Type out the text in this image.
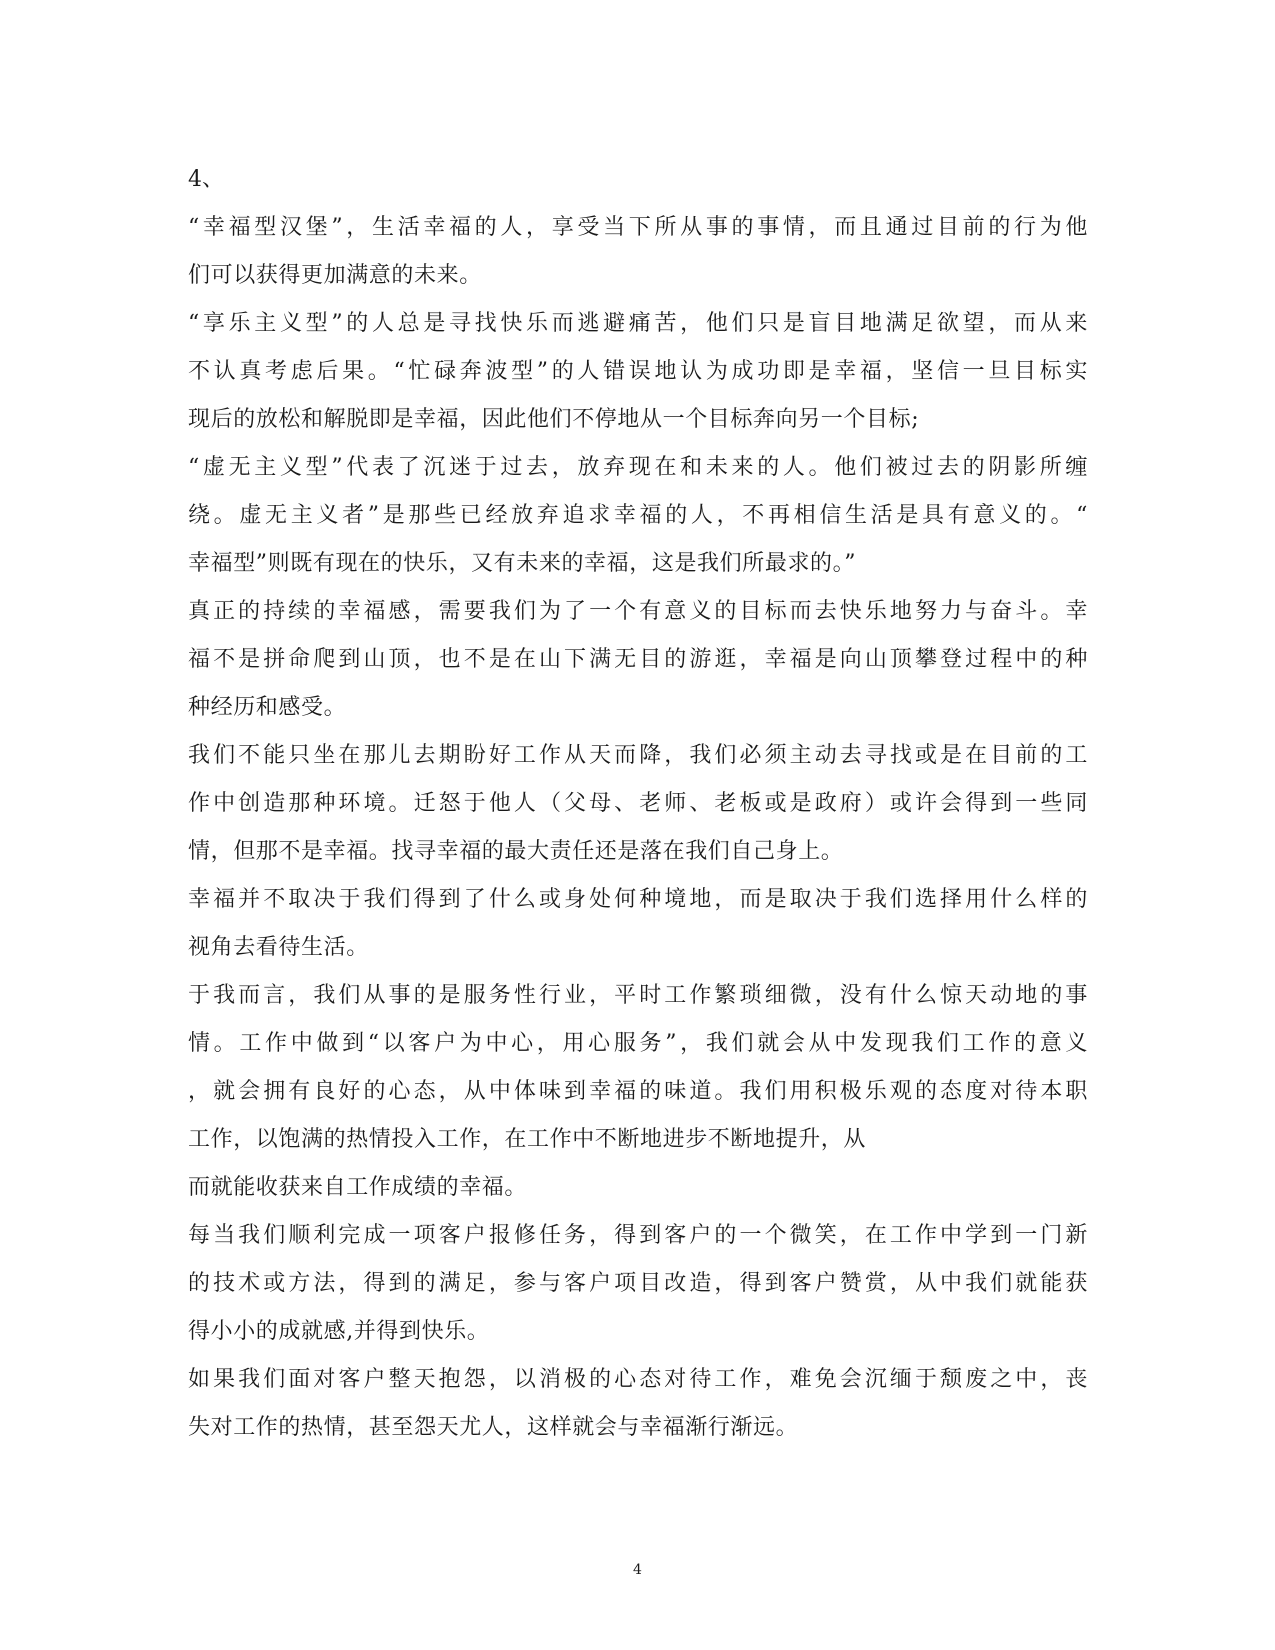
4、

“幸福型汉堡”，生活幸福的人，享受当下所从事的事情，而且通过目前的行为他

们可以获得更加满意的未来。

“享乐主义型”的人总是寻找快乐而逃避痛苦，他们只是盲目地满足欲望，而从来

不认真考虑后果。“忙碌奔波型”的人错误地认为成功即是幸福，坚信一旦目标实

现后的放松和解脱即是幸福，因此他们不停地从一个目标奔向另一个目标;

“虚无主义型”代表了沉迷于过去，放弃现在和未来的人。他们被过去的阴影所缠

绕。虚无主义者”是那些已经放弃追求幸福的人，不再相信生活是具有意义的。“

幸福型”则既有现在的快乐，又有未来的幸福，这是我们所最求的。”

真正的持续的幸福感，需要我们为了一个有意义的目标而去快乐地努力与奋斗。幸

福不是拼命爬到山顶，也不是在山下满无目的游逛，幸福是向山顶攀登过程中的种

种经历和感受。

我们不能只坐在那儿去期盼好工作从天而降，我们必须主动去寻找或是在目前的工

作中创造那种环境。迁怒于他人（父母、老师、老板或是政府）或许会得到一些同

情，但那不是幸福。找寻幸福的最大责任还是落在我们自己身上。

幸福并不取决于我们得到了什么或身处何种境地，而是取决于我们选择用什么样的

视角去看待生活。

于我而言，我们从事的是服务性行业，平时工作繁琐细微，没有什么惊天动地的事

情。工作中做到“以客户为中心，用心服务”，我们就会从中发现我们工作的意义

，就会拥有良好的心态，从中体味到幸福的味道。我们用积极乐观的态度对待本职

工作，以饱满的热情投入工作，在工作中不断地进步不断地提升，从

而就能收获来自工作成绩的幸福。

每当我们顺利完成一项客户报修任务，得到客户的一个微笑，在工作中学到一门新

的技术或方法，得到的满足，参与客户项目改造，得到客户赞赏，从中我们就能获

得小小的成就感,并得到快乐。

如果我们面对客户整天抱怨，以消极的心态对待工作，难免会沉缅于颓废之中，丧

失对工作的热情，甚至怨天尤人，这样就会与幸福渐行渐远。

4
